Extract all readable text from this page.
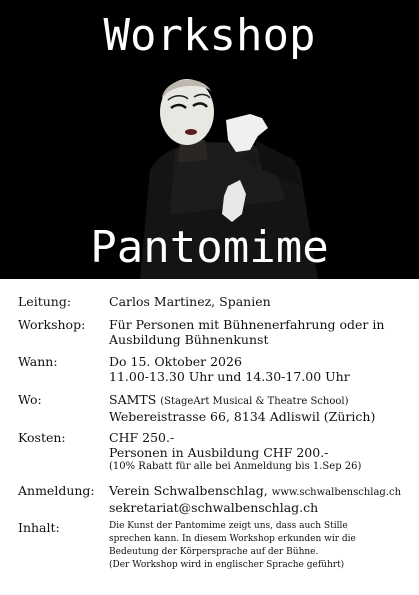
Workshop
Pantomime
Leitung:	Carlos Martinez, Spanien
Workshop: Für Personen mit Bühnenerfahrung oder in
Ausbildung Bühnenkunst
Wann:	Do 15. Oktober 2026
11.00-13.30 Uhr und 14.30-17.00 Uhr
Wo:	SAMTS (StageArt Musical & Theatre School)
Webereistrasse 66, 8134 Adliswil (Zürich)
Kosten:	CHF 250.-
Personen in Ausbildung CHF 200.-
(10% Rabatt für alle bei Anmeldung bis 1.Sep 26)
Anmeldung: Verein Schwalbenschlag, www.schwalbenschlag.ch
sekretariat@schwalbenschlag.ch
Inhalt:	Die Kunst der Pantomime zeigt uns, dass auch Stille
sprechen kann. In diesem Workshop erkunden wir die
Bedeutung der Körpersprache auf der Bühne.
(Der Workshop wird in englischer Sprache geführt)
